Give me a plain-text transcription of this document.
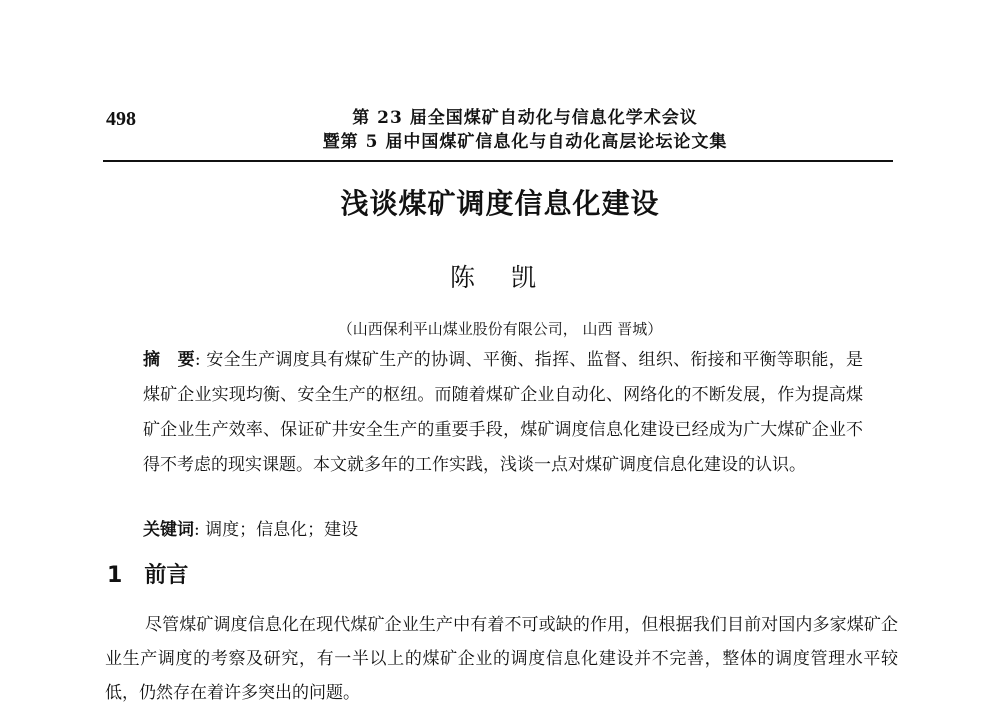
498	第 23 届全国煤矿自动化与信息化学术会议
暨第 5 届中国煤矿信息化与自动化高层论坛论文集
浅谈煤矿调度信息化建设
陈 凯
（山西保利平山煤业股份有限公司， 山西 晋城）
摘　要: 安全生产调度具有煤矿生产的协调、平衡、指挥、监督、组织、衔接和平衡等职能，是煤矿企业实现均衡、安全生产的枢纽。而随着煤矿企业自动化、网络化的不断发展，作为提高煤矿企业生产效率、保证矿井安全生产的重要手段，煤矿调度信息化建设已经成为广大煤矿企业不得不考虑的现实课题。本文就多年的工作实践，浅谈一点对煤矿调度信息化建设的认识。
关键词: 调度；信息化；建设
1 前言
尽管煤矿调度信息化在现代煤矿企业生产中有着不可或缺的作用，但根据我们目前对国内多家煤矿企业生产调度的考察及研究，有一半以上的煤矿企业的调度信息化建设并不完善，整体的调度管理水平较低，仍然存在着许多突出的问题。
